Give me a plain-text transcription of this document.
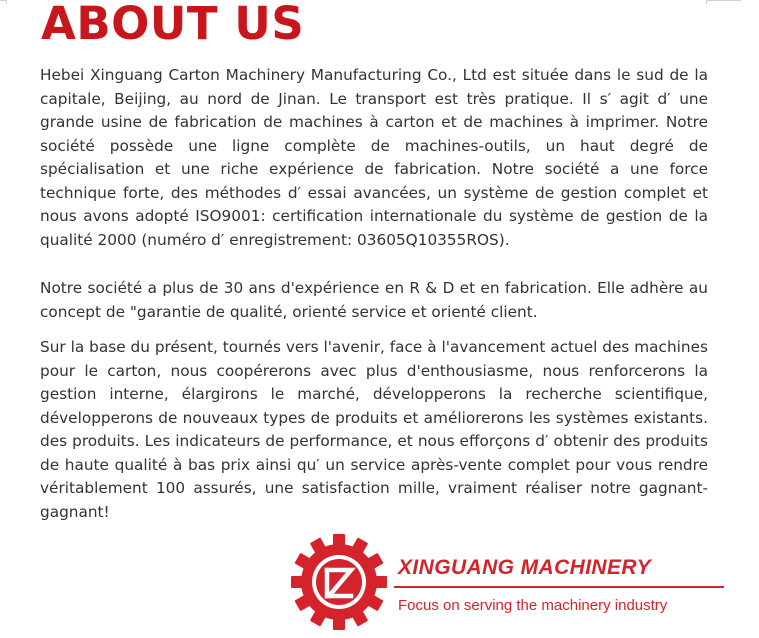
ABOUT US

Hebei Xinguang Carton Machinery Manufacturing Co., Ltd est située dans le sud de la capitale, Beijing, au nord de Jinan. Le transport est très pratique. Il s′ agit d′ une grande usine de fabrication de machines à carton et de machines à imprimer. Notre société possède une ligne complète de machines-outils, un haut degré de spécialisation et une riche expérience de fabrication. Notre société a une force technique forte, des méthodes d′ essai avancées, un système de gestion complet et nous avons adopté ISO9001: certification internationale du système de gestion de la qualité 2000 (numéro d′ enregistrement: 03605Q10355ROS).

Notre société a plus de 30 ans d'expérience en R & D et en fabrication. Elle adhère au concept de "garantie de qualité, orienté service et orienté client.

Sur la base du présent, tournés vers l'avenir, face à l'avancement actuel des machines pour le carton, nous coopérerons avec plus d'enthousiasme, nous renforcerons la gestion interne, élargirons le marché, développerons la recherche scientifique, développerons de nouveaux types de produits et améliorerons les systèmes existants. des produits. Les indicateurs de performance, et nous efforçons d′ obtenir des produits de haute qualité à bas prix ainsi qu′ un service après-vente complet pour vous rendre véritablement 100 assurés, une satisfaction mille, vraiment réaliser notre gagnant-gagnant!

XINGUANG MACHINERY
Focus on serving the machinery industry
